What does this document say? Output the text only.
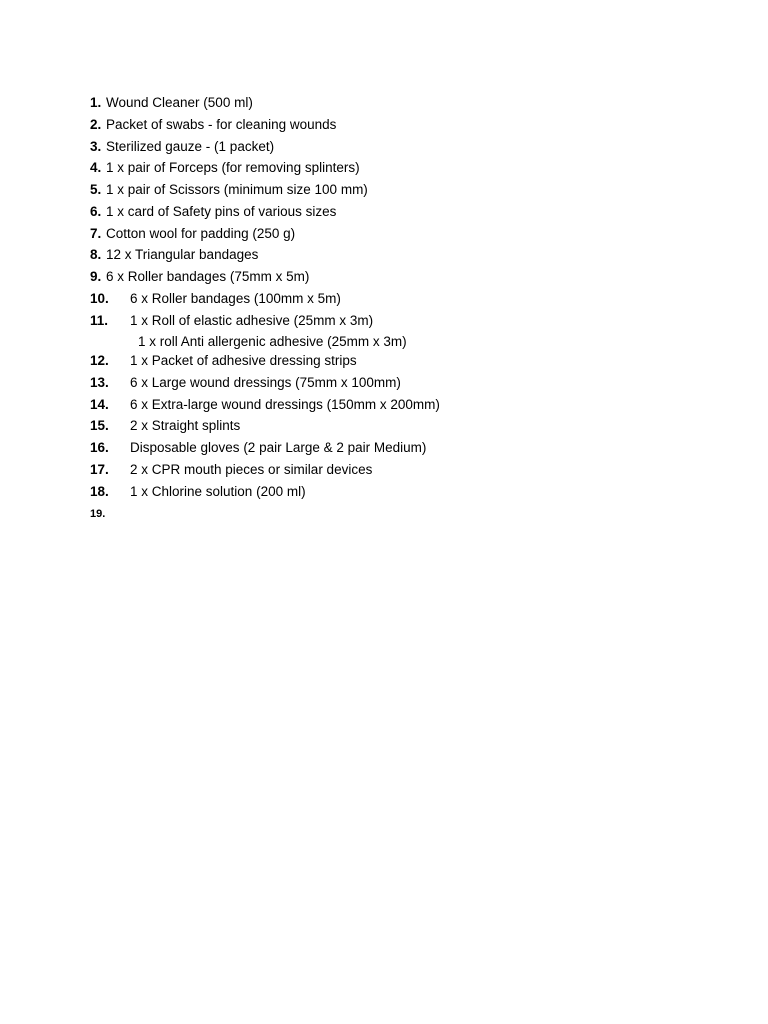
1. Wound Cleaner (500 ml)
2. Packet of swabs - for cleaning wounds
3. Sterilized gauze - (1 packet)
4. 1 x pair of Forceps (for removing splinters)
5. 1 x pair of Scissors (minimum size 100 mm)
6. 1 x card of Safety pins of various sizes
7. Cotton wool for padding (250 g)
8. 12 x Triangular bandages
9. 6 x Roller bandages (75mm x 5m)
10. 6 x Roller bandages (100mm x 5m)
11. 1 x Roll of elastic adhesive (25mm x 3m)
1 x roll Anti allergenic adhesive (25mm x 3m)
12. 1 x Packet of adhesive dressing strips
13. 6 x Large wound dressings (75mm x 100mm)
14. 6 x Extra-large wound dressings (150mm x 200mm)
15. 2 x Straight splints
16. Disposable gloves (2 pair Large & 2 pair Medium)
17. 2 x CPR mouth pieces or similar devices
18. 1 x Chlorine solution (200 ml)
19.
